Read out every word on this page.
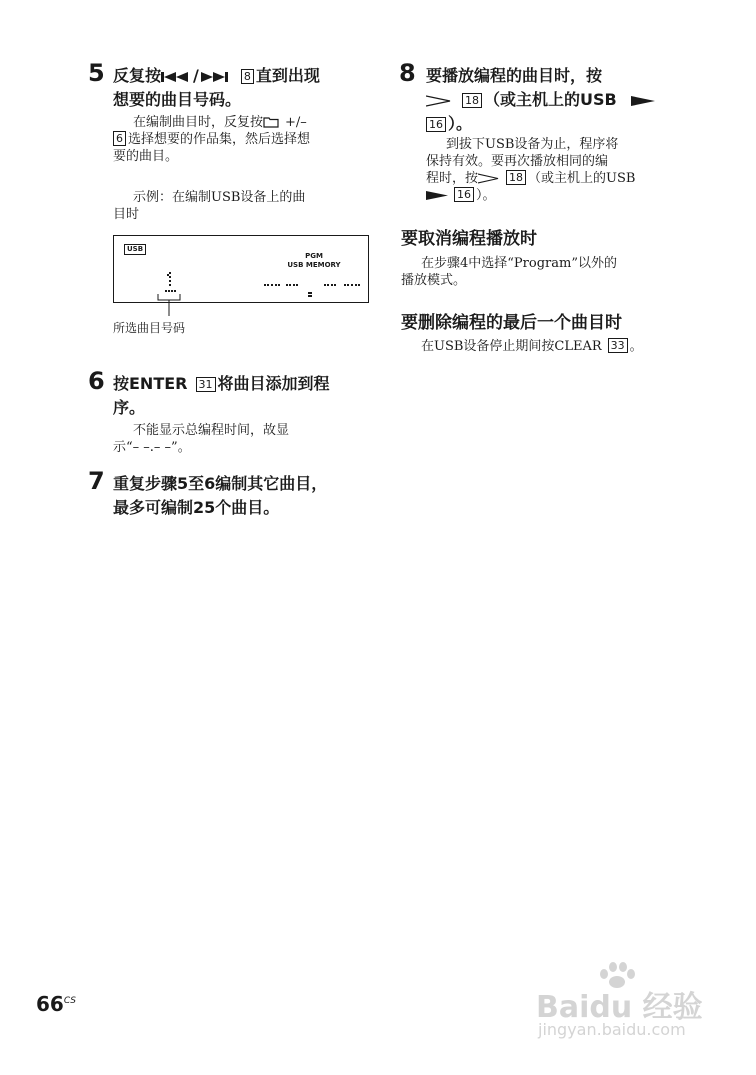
5 反复按 /	8 直到出现
想要的曲目号码。
在编制曲目时，反复按 +/–
6 选择想要的作品集，然后选择想
要的曲目。
示例：在编制USB设备上的曲
目时
USB
PGM
USB MEMORY
所选曲目号码
6 按ENTER 31 将曲目添加到程
序。
不能显示总编程时间，故显
示“– –.– –”。
7 重复步骤5至6编制其它曲目，
最多可编制25个曲目。
8 要播放编程的曲目时，按
18 （或主机上的USB
16 ）。
到拔下USB设备为止，程序将
保持有效。要再次播放相同的编
程时，按	18 （或主机上的USB
16 ）。
要取消编程播放时
在步骤4中选择“Program”以外的
播放模式。
要删除编程的最后一个曲目时
在USB设备停止期间按CLEAR 33 。
$66^{CS}$	Baidu 经验
jingyan.baidu.com
